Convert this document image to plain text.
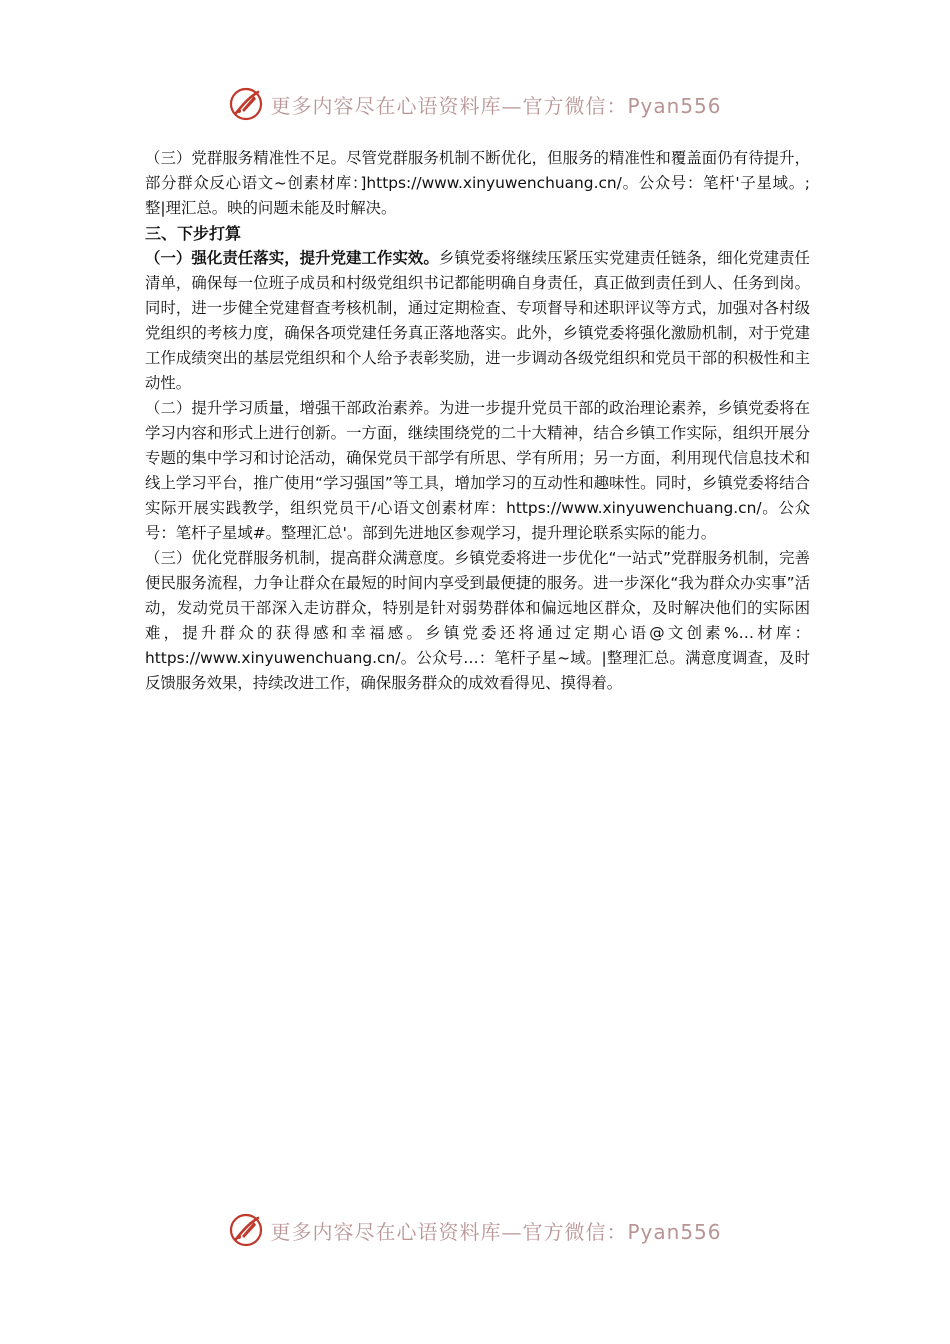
更多内容尽在心语资料库—官方微信：Pyan556

（三）党群服务精准性不足。尽管党群服务机制不断优化，但服务的精准性和覆盖面仍有待提升，部分群众反心语文~创素材库：]https://www.xinyuwenchuang.cn/。公众号：笔杆'子星域。;整|理汇总。映的问题未能及时解决。

三、下步打算

（一）强化责任落实，提升党建工作实效。乡镇党委将继续压紧压实党建责任链条，细化党建责任清单，确保每一位班子成员和村级党组织书记都能明确自身责任，真正做到责任到人、任务到岗。同时，进一步健全党建督查考核机制，通过定期检查、专项督导和述职评议等方式，加强对各村级党组织的考核力度，确保各项党建任务真正落地落实。此外，乡镇党委将强化激励机制，对于党建工作成绩突出的基层党组织和个人给予表彰奖励，进一步调动各级党组织和党员干部的积极性和主动性。

（二）提升学习质量，增强干部政治素养。为进一步提升党员干部的政治理论素养，乡镇党委将在学习内容和形式上进行创新。一方面，继续围绕党的二十大精神，结合乡镇工作实际，组织开展分专题的集中学习和讨论活动，确保党员干部学有所思、学有所用；另一方面，利用现代信息技术和线上学习平台，推广使用“学习强国”等工具，增加学习的互动性和趣味性。同时，乡镇党委将结合实际开展实践教学，组织党员干/心语文创素材库：https://www.xinyuwenchuang.cn/。公众号：笔杆子星域#。整理汇总'。部到先进地区参观学习，提升理论联系实际的能力。

（三）优化党群服务机制，提高群众满意度。乡镇党委将进一步优化“一站式”党群服务机制，完善便民服务流程，力争让群众在最短的时间内享受到最便捷的服务。进一步深化“我为群众办实事”活动，发动党员干部深入走访群众，特别是针对弱势群体和偏远地区群众，及时解决他们的实际困难，提升群众的获得感和幸福感。乡镇党委还将通过定期心语@文创素%…材库：https://www.xinyuwenchuang.cn/。公众号…：笔杆子星~域。|整理汇总。满意度调查，及时反馈服务效果，持续改进工作，确保服务群众的成效看得见、摸得着。

更多内容尽在心语资料库—官方微信：Pyan556
